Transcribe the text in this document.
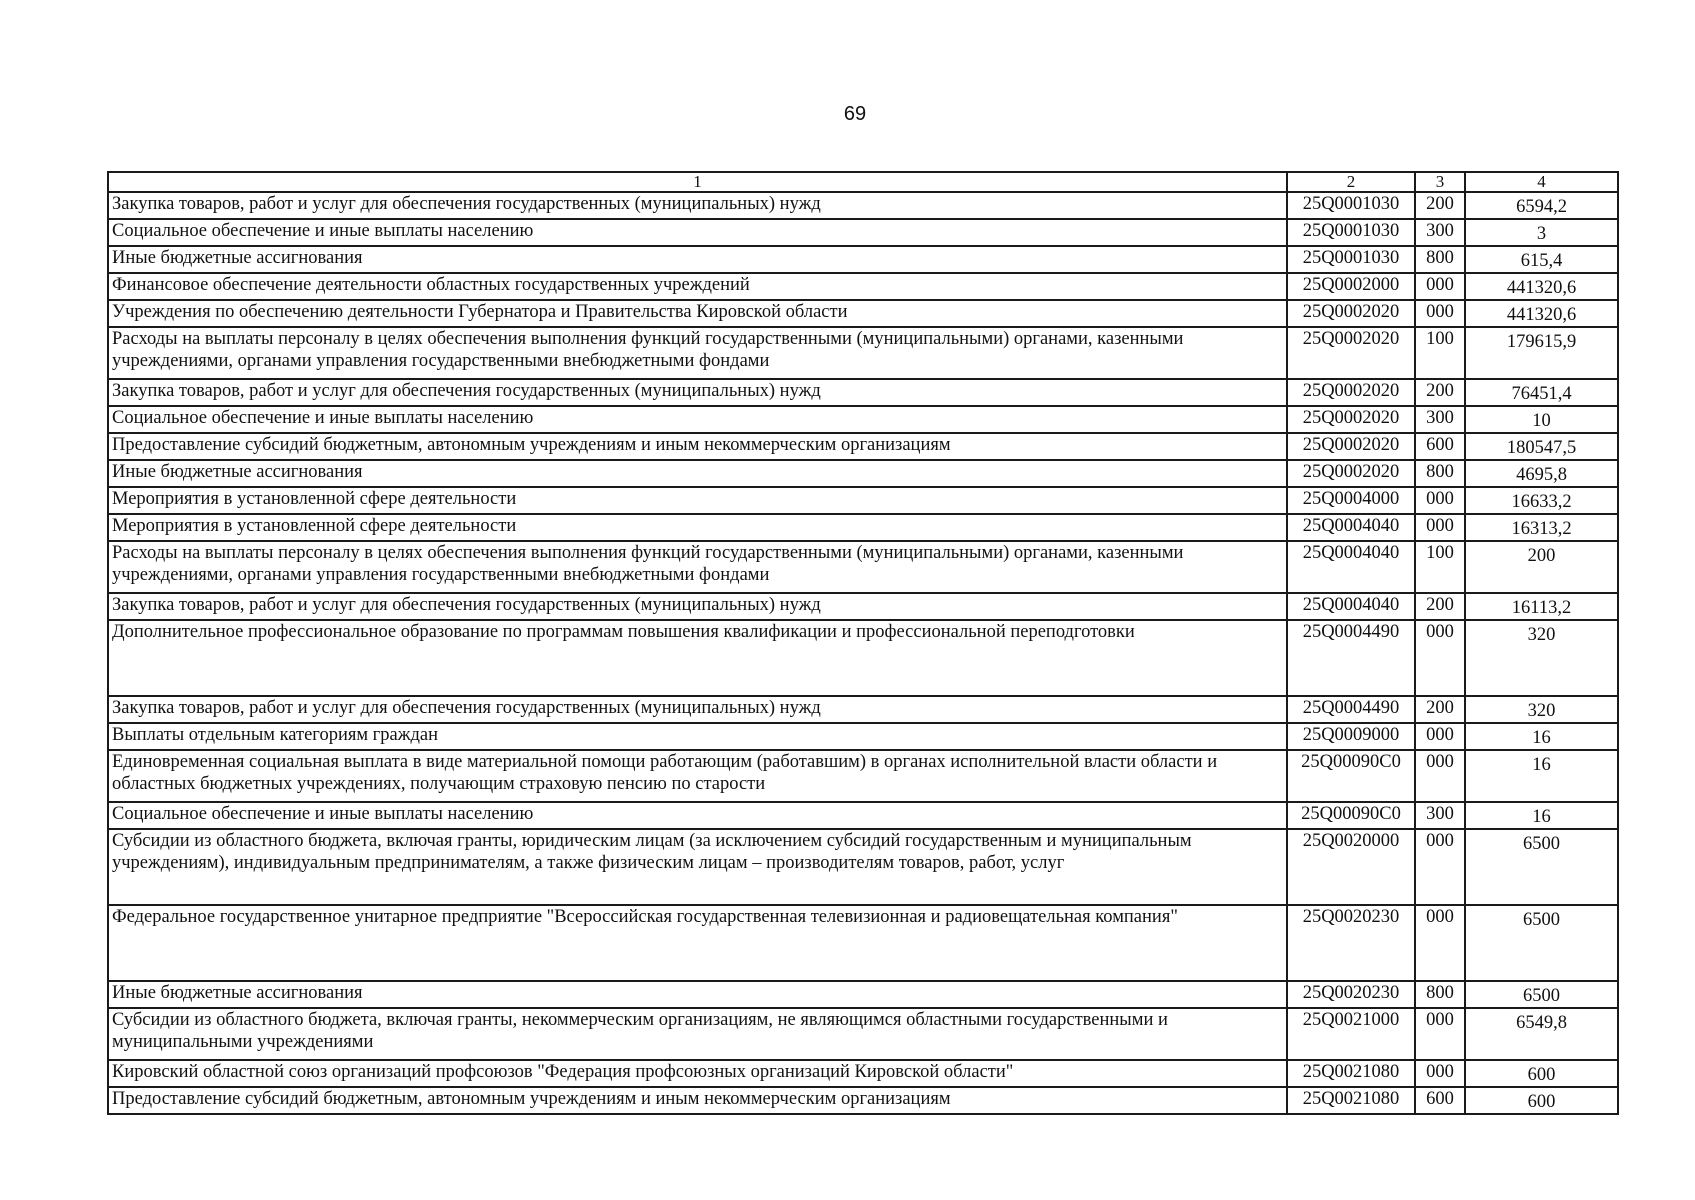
69
1	2	3	4
Закупка товаров, работ и услуг для обеспечения государственных (муниципальных) нужд	25Q0001030	200	6594,2
Социальное обеспечение и иные выплаты населению	25Q0001030	300	3
Иные бюджетные ассигнования	25Q0001030	800	615,4
Финансовое обеспечение деятельности областных государственных учреждений	25Q0002000	000	441320,6
Учреждения по обеспечению деятельности Губернатора и Правительства Кировской области	25Q0002020	000	441320,6
Расходы на выплаты персоналу в целях обеспечения выполнения функций государственными (муниципальными) органами, казенными учреждениями, органами управления государственными внебюджетными фондами	25Q0002020	100	179615,9
Закупка товаров, работ и услуг для обеспечения государственных (муниципальных) нужд	25Q0002020	200	76451,4
Социальное обеспечение и иные выплаты населению	25Q0002020	300	10
Предоставление субсидий бюджетным, автономным учреждениям и иным некоммерческим организациям	25Q0002020	600	180547,5
Иные бюджетные ассигнования	25Q0002020	800	4695,8
Мероприятия в установленной сфере деятельности	25Q0004000	000	16633,2
Мероприятия в установленной сфере деятельности	25Q0004040	000	16313,2
Расходы на выплаты персоналу в целях обеспечения выполнения функций государственными (муниципальными) органами, казенными учреждениями, органами управления государственными внебюджетными фондами	25Q0004040	100	200
Закупка товаров, работ и услуг для обеспечения государственных (муниципальных) нужд	25Q0004040	200	16113,2
Дополнительное профессиональное образование по программам повышения квалификации и профессиональной переподготовки	25Q0004490	000	320
Закупка товаров, работ и услуг для обеспечения государственных (муниципальных) нужд	25Q0004490	200	320
Выплаты отдельным категориям граждан	25Q0009000	000	16
Единовременная социальная выплата в виде материальной помощи работающим (работавшим) в органах исполнительной власти области и областных бюджетных учреждениях, получающим страховую пенсию по старости	25Q00090C0	000	16
Социальное обеспечение и иные выплаты населению	25Q00090C0	300	16
Субсидии из областного бюджета, включая гранты, юридическим лицам (за исключением субсидий государственным и муниципальным учреждениям), индивидуальным предпринимателям, а также физическим лицам – производителям товаров, работ, услуг	25Q0020000	000	6500
Федеральное государственное унитарное предприятие "Всероссийская государственная телевизионная и радиовещательная компания"	25Q0020230	000	6500
Иные бюджетные ассигнования	25Q0020230	800	6500
Субсидии из областного бюджета, включая гранты, некоммерческим организациям, не являющимся областными государственными и муниципальными учреждениями	25Q0021000	000	6549,8
Кировский областной союз организаций профсоюзов "Федерация профсоюзных организаций Кировской области"	25Q0021080	000	600
Предоставление субсидий бюджетным, автономным учреждениям и иным некоммерческим организациям	25Q0021080	600	600
